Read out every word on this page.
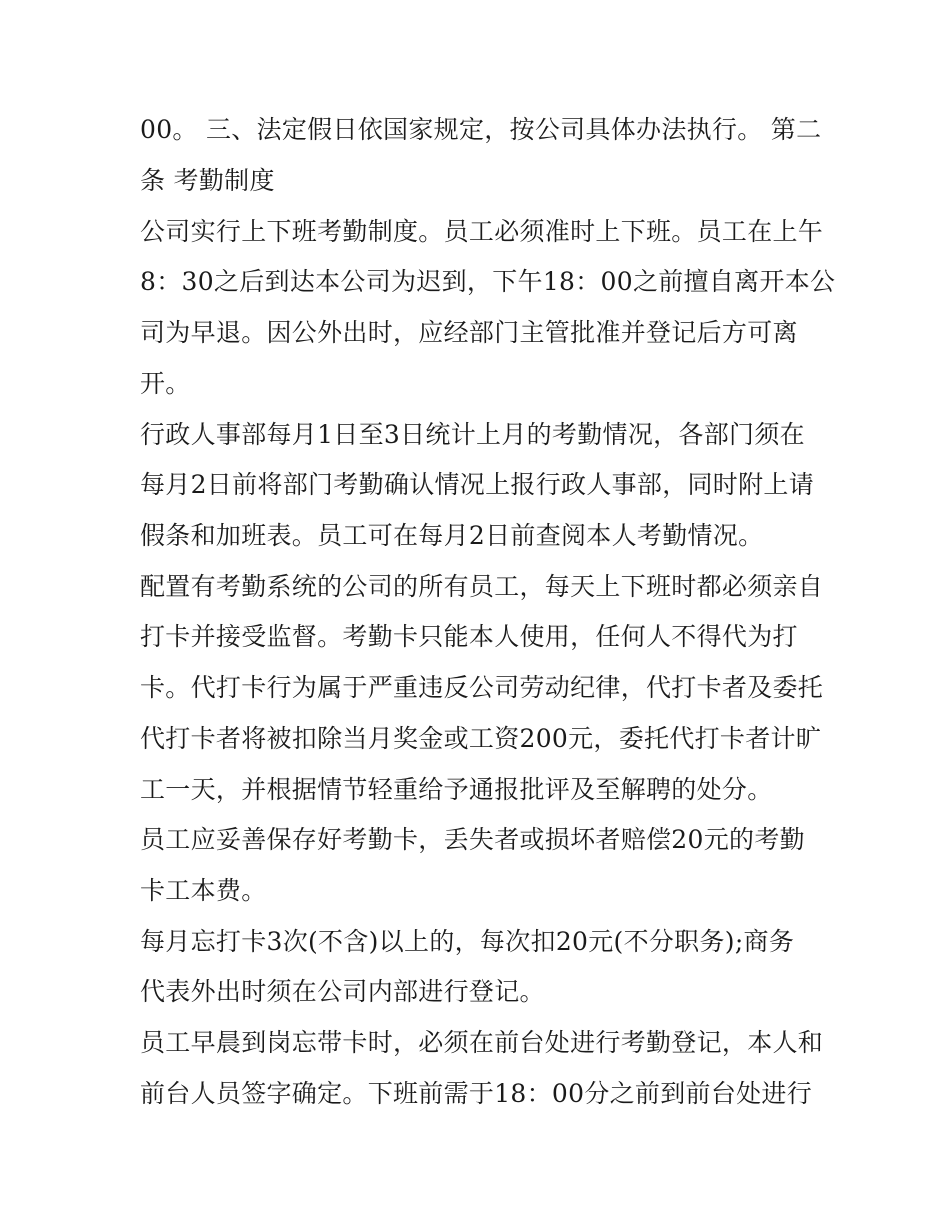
00。 三、法定假日依国家规定，按公司具体办法执行。 第二
条 考勤制度
公司实行上下班考勤制度。员工必须准时上下班。员工在上午
8：30之后到达本公司为迟到，下午18：00之前擅自离开本公
司为早退。因公外出时，应经部门主管批准并登记后方可离
开。
行政人事部每月1日至3日统计上月的考勤情况，各部门须在
每月2日前将部门考勤确认情况上报行政人事部，同时附上请
假条和加班表。员工可在每月2日前查阅本人考勤情况。
配置有考勤系统的公司的所有员工，每天上下班时都必须亲自
打卡并接受监督。考勤卡只能本人使用，任何人不得代为打
卡。代打卡行为属于严重违反公司劳动纪律，代打卡者及委托
代打卡者将被扣除当月奖金或工资200元，委托代打卡者计旷
工一天，并根据情节轻重给予通报批评及至解聘的处分。
员工应妥善保存好考勤卡，丢失者或损坏者赔偿20元的考勤
卡工本费。
每月忘打卡3次(不含)以上的，每次扣20元(不分职务);商务
代表外出时须在公司内部进行登记。
员工早晨到岗忘带卡时，必须在前台处进行考勤登记，本人和
前台人员签字确定。下班前需于18：00分之前到前台处进行
